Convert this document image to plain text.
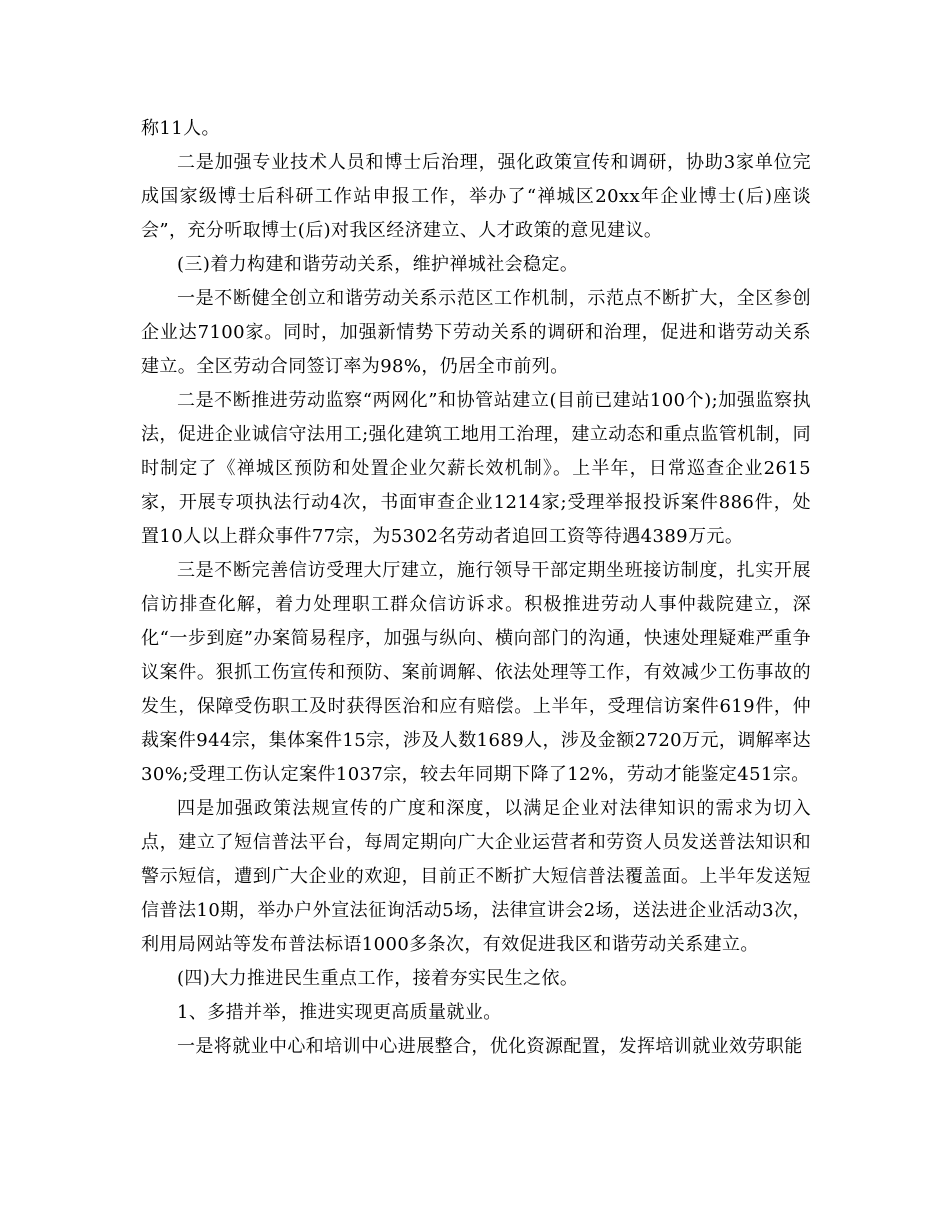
称11人。

二是加强专业技术人员和博士后治理，强化政策宣传和调研，协助3家单位完成国家级博士后科研工作站申报工作，举办了“禅城区20xx年企业博士(后)座谈会”，充分听取博士(后)对我区经济建立、人才政策的意见建议。

(三)着力构建和谐劳动关系，维护禅城社会稳定。

一是不断健全创立和谐劳动关系示范区工作机制，示范点不断扩大，全区参创企业达7100家。同时，加强新情势下劳动关系的调研和治理，促进和谐劳动关系建立。全区劳动合同签订率为98%，仍居全市前列。

二是不断推进劳动监察“两网化”和协管站建立(目前已建站100个);加强监察执法，促进企业诚信守法用工;强化建筑工地用工治理，建立动态和重点监管机制，同时制定了《禅城区预防和处置企业欠薪长效机制》。上半年，日常巡查企业2615家，开展专项执法行动4次，书面审查企业1214家;受理举报投诉案件886件，处置10人以上群众事件77宗，为5302名劳动者追回工资等待遇4389万元。

三是不断完善信访受理大厅建立，施行领导干部定期坐班接访制度，扎实开展信访排查化解，着力处理职工群众信访诉求。积极推进劳动人事仲裁院建立，深化“一步到庭”办案简易程序，加强与纵向、横向部门的沟通，快速处理疑难严重争议案件。狠抓工伤宣传和预防、案前调解、依法处理等工作，有效减少工伤事故的发生，保障受伤职工及时获得医治和应有赔偿。上半年，受理信访案件619件，仲裁案件944宗，集体案件15宗，涉及人数1689人，涉及金额2720万元，调解率达30%;受理工伤认定案件1037宗，较去年同期下降了12%，劳动才能鉴定451宗。

四是加强政策法规宣传的广度和深度，以满足企业对法律知识的需求为切入点，建立了短信普法平台，每周定期向广大企业运营者和劳资人员发送普法知识和警示短信，遭到广大企业的欢迎，目前正不断扩大短信普法覆盖面。上半年发送短信普法10期，举办户外宣法征询活动5场，法律宣讲会2场，送法进企业活动3次，利用局网站等发布普法标语1000多条次，有效促进我区和谐劳动关系建立。

(四)大力推进民生重点工作，接着夯实民生之依。

1、多措并举，推进实现更高质量就业。

一是将就业中心和培训中心进展整合，优化资源配置，发挥培训就业效劳职能
